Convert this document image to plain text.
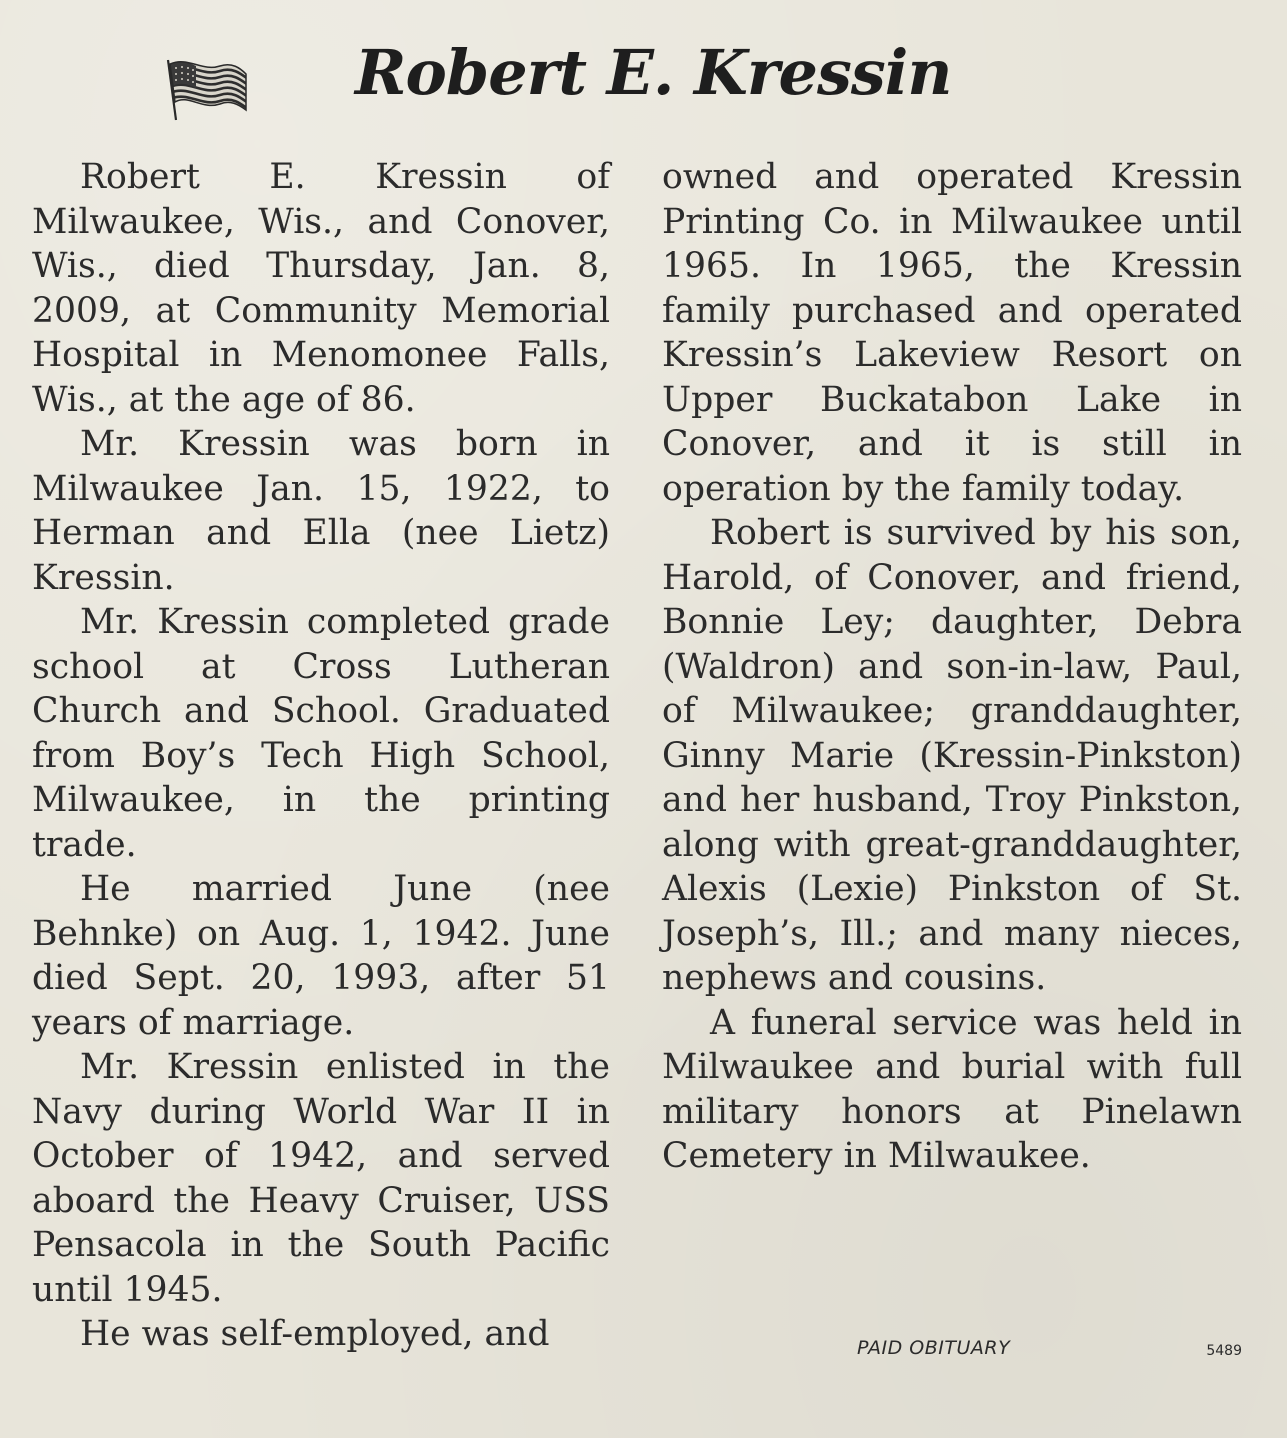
Robert E. Kressin

Robert E. Kressin of Milwaukee, Wis., and Conover, Wis., died Thursday, Jan. 8, 2009, at Community Memorial Hospital in Menomonee Falls, Wis., at the age of 86.

Mr. Kressin was born in Milwaukee Jan. 15, 1922, to Herman and Ella (nee Lietz) Kressin.

Mr. Kressin completed grade school at Cross Lutheran Church and School. Graduated from Boy’s Tech High School, Milwaukee, in the printing trade.

He married June (nee Behnke) on Aug. 1, 1942. June died Sept. 20, 1993, after 51 years of marriage.

Mr. Kressin enlisted in the Navy during World War II in October of 1942, and served aboard the Heavy Cruiser, USS Pensacola in the South Pacific until 1945.

He was self-employed, and

owned and operated Kressin Printing Co. in Milwaukee until 1965. In 1965, the Kressin family purchased and operated Kressin’s Lakeview Resort on Upper Buckatabon Lake in Conover, and it is still in operation by the family today.

Robert is survived by his son, Harold, of Conover, and friend, Bonnie Ley; daughter, Debra (Waldron) and son-in-law, Paul, of Milwaukee; granddaughter, Ginny Marie (Kressin-Pinkston) and her husband, Troy Pinkston, along with great-granddaughter, Alexis (Lexie) Pinkston of St. Joseph’s, Ill.; and many nieces, nephews and cousins.

A funeral service was held in Milwaukee and burial with full military honors at Pinelawn Cemetery in Milwaukee.

PAID OBITUARY	5489
